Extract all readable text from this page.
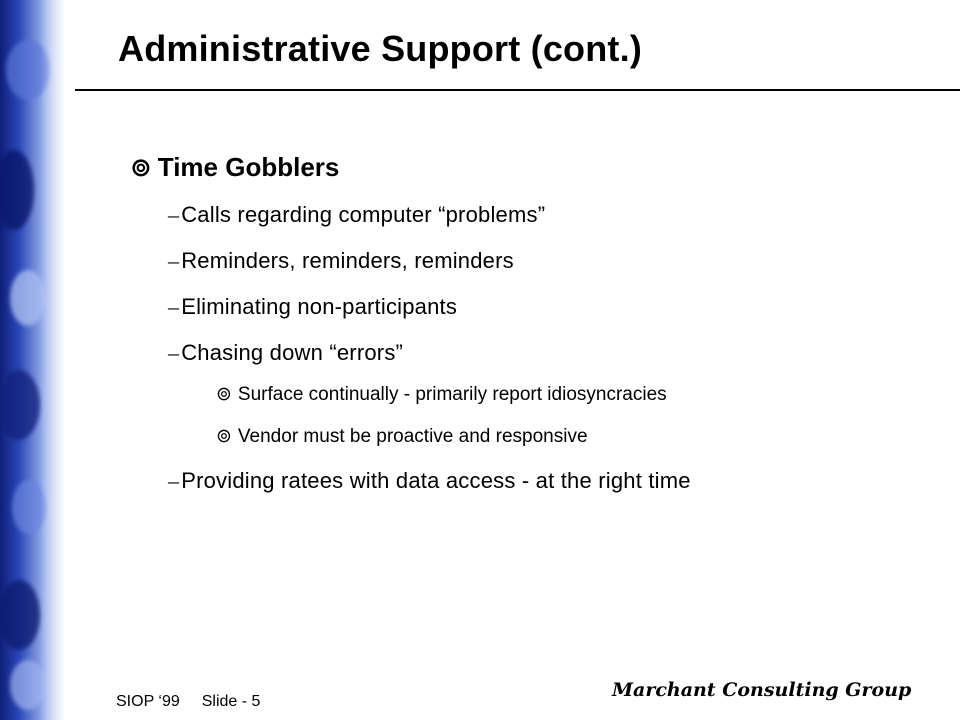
Administrative Support (cont.)
⊚ Time Gobblers
–Calls regarding computer “problems”
–Reminders, reminders, reminders
–Eliminating non-participants
–Chasing down “errors”
⊚ Surface continually - primarily report idiosyncracies
⊚ Vendor must be proactive and responsive
–Providing ratees with data access - at the right time
SIOP ‘99 Slide - 5
Marchant Consulting Group
